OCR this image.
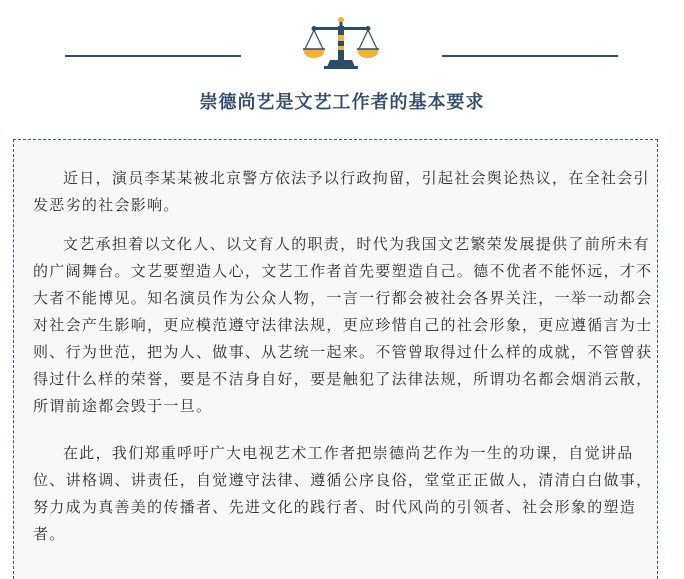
崇德尚艺是文艺工作者的基本要求

近日，演员李某某被北京警方依法予以行政拘留，引起社会舆论热议，在全社会引发恶劣的社会影响。

文艺承担着以文化人、以文育人的职责，时代为我国文艺繁荣发展提供了前所未有的广阔舞台。文艺要塑造人心，文艺工作者首先要塑造自己。德不优者不能怀远，才不大者不能博见。知名演员作为公众人物，一言一行都会被社会各界关注，一举一动都会对社会产生影响，更应模范遵守法律法规，更应珍惜自己的社会形象，更应遵循言为士则、行为世范，把为人、做事、从艺统一起来。不管曾取得过什么样的成就，不管曾获得过什么样的荣誉，要是不洁身自好，要是触犯了法律法规，所谓功名都会烟消云散，所谓前途都会毁于一旦。

在此，我们郑重呼吁广大电视艺术工作者把崇德尚艺作为一生的功课，自觉讲品位、讲格调、讲责任，自觉遵守法律、遵循公序良俗，堂堂正正做人，清清白白做事，努力成为真善美的传播者、先进文化的践行者、时代风尚的引领者、社会形象的塑造者。
